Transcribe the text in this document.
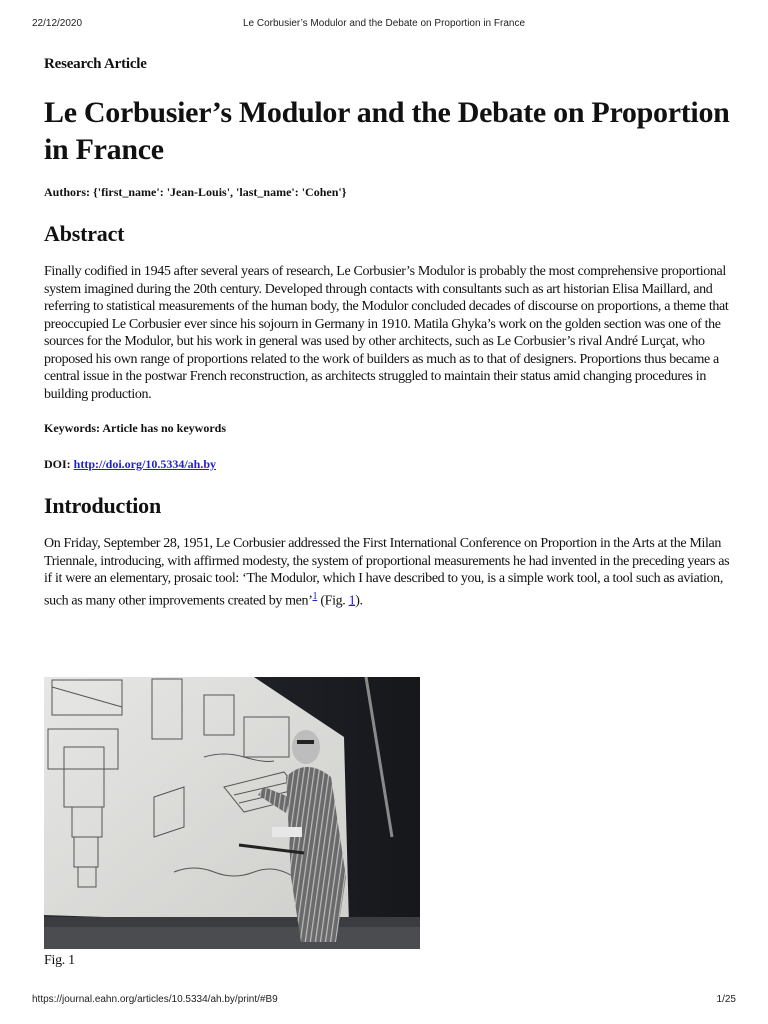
22/12/2020	Le Corbusier’s Modulor and the Debate on Proportion in France

Research Article

Le Corbusier’s Modulor and the Debate on Proportion in France

Authors: {'first_name': 'Jean-Louis', 'last_name': 'Cohen'}

Abstract

Finally codified in 1945 after several years of research, Le Corbusier’s Modulor is probably the most comprehensive proportional system imagined during the 20th century. Developed through contacts with consultants such as art historian Elisa Maillard, and referring to statistical measurements of the human body, the Modulor concluded decades of discourse on proportions, a theme that preoccupied Le Corbusier ever since his sojourn in Germany in 1910. Matila Ghyka’s work on the golden section was one of the sources for the Modulor, but his work in general was used by other architects, such as Le Corbusier’s rival André Lurçat, who proposed his own range of proportions related to the work of builders as much as to that of designers. Proportions thus became a central issue in the postwar French reconstruction, as architects struggled to maintain their status amid changing procedures in building production.

Keywords: Article has no keywords

DOI: http://doi.org/10.5334/ah.by

Introduction

On Friday, September 28, 1951, Le Corbusier addressed the First International Conference on Proportion in the Arts at the Milan Triennale, introducing, with affirmed modesty, the system of proportional measurements he had invented in the preceding years as if it were an elementary, prosaic tool: ‘The Modulor, which I have described to you, is a simple work tool, a tool such as aviation, such as many other improvements created by men’$^1$ (Fig. 1).

Fig. 1
https://journal.eahn.org/articles/10.5334/ah.by/print/#B9	1/25
